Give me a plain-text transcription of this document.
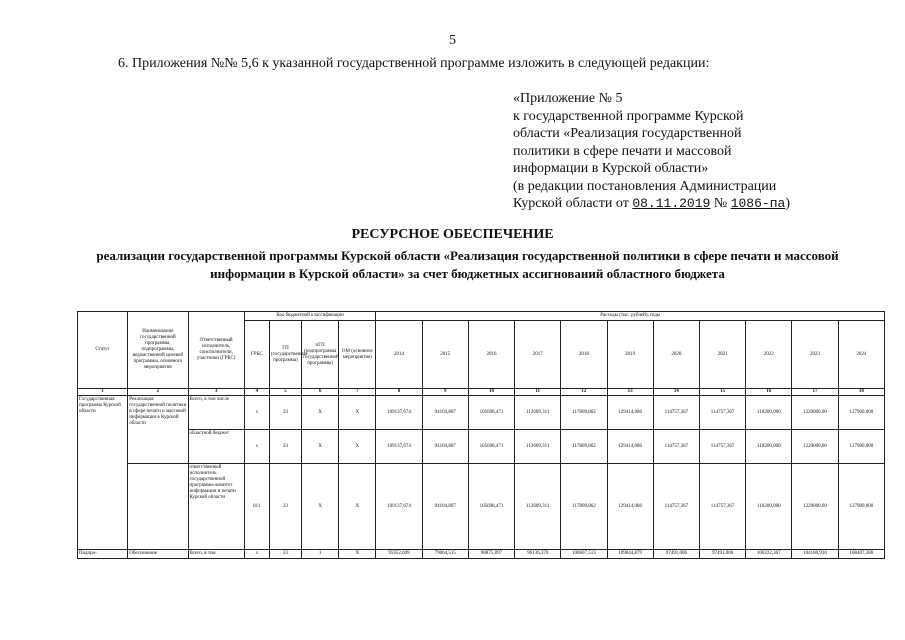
5
6. Приложения №№ 5,6 к указанной государственной программе изложить в следующей редакции:
«Приложение № 5
к государственной программе Курской
области «Реализация государственной
политики в сфере печати и массовой
информации в Курской области»
(в редакции постановления Администрации
Курской области от 08.11.2019 № 1086-па)
РЕСУРСНОЕ ОБЕСПЕЧЕНИЕ
реализации государственной программы Курской области «Реализация государственной политики в сфере печати и массовой информации в Курской области» за счет бюджетных ассигнований областного бюджета
Статус	Наименование государственной программы, подпрограммы, ведомственной целевой программы, основного мероприятия	Ответственный исполнитель, соисполнители, участники (ГРБС)	Код бюджетной классификации				Расходы (тыс. рублей), годы										
			ГРБС	ГП (государственная программа)	пГП (подпрограмма государственной программы)	ОМ (основное мероприятие)	2014	2015	2016	2017	2018	2019	2020	2021	2022	2023	2024
1	2	3	4	5	6	7	8	9	10	11	12	13	14	15	16	17	18
Государственная программа Курской области	Реализация государственной политики в сфере печати и массовой информации в Курской области	Всего, в том числе	х	23	Х	Х	109137,674	94104,807	105698,471	112609,311	117809,862	129414,086	114757,367	114757,367	118200,000	1229000,00	127900,000
		областной бюджет	х	23	Х	Х	109137,674	94104,807	105698,471	112609,311	117809,862	129414,086	114757,367	114757,367	118200,000	1229000,00	127900,000
		ответственный исполнитель государственной программы-комитет информации и печати Курской области	811	23	Х	Х	109137,674	94104,807	105698,471	112609,311	117809,862	129414,086	114757,367	114757,367	118200,000	1229000,00	127900,000
Подпро-	Обеспечение	Всего, в том	х	23	1	Х	95952,699	79064,515	90875,897	96136,376	100607,513	109844,879	97491,006	97491,006	100222,367	104180,910	108407,380
